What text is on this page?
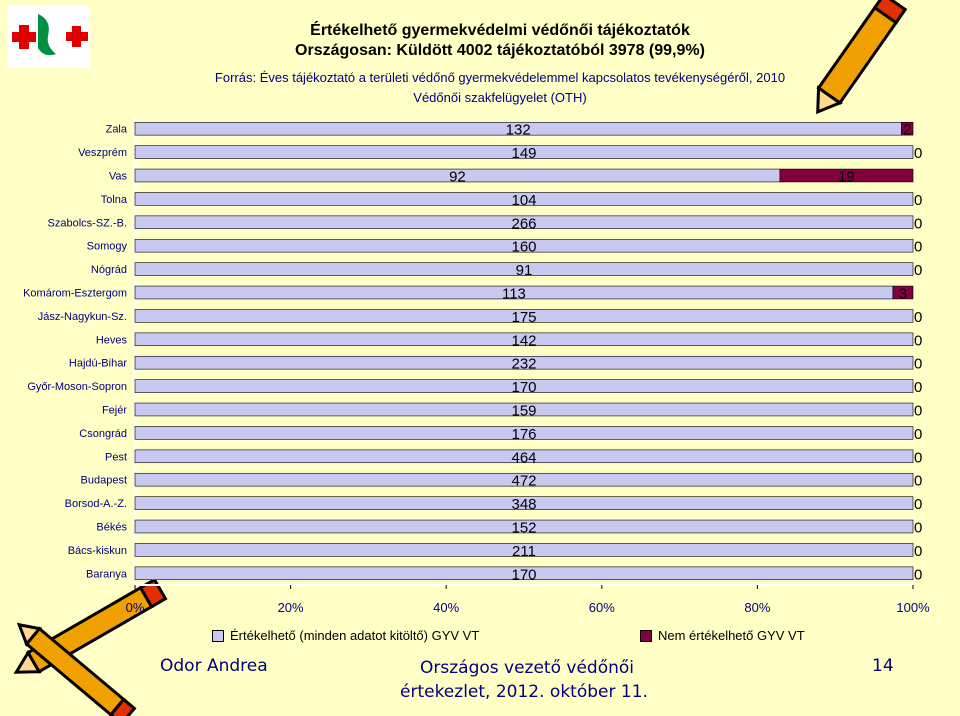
Értékelhető gyermekvédelmi védőnői tájékoztatók
Országosan: Küldött 4002 tájékoztatóból 3978 (99,9%)
Forrás: Éves tájékoztató a területi védőnő gyermekvédelemmel kapcsolatos tevékenységéről, 2010
Védőnői szakfelügyelet (OTH)
Zala	132	2
Veszprém	149	0
Vas	92	19
Tolna	104	0
Szabolcs-SZ.-B.	266	0
Somogy	160	0
Nógrád	91	0
Komárom-Esztergom	113	3
Jász-Nagykun-Sz.	175	0
Heves	142	0
Hajdú-Bihar	232	0
Győr-Moson-Sopron	170	0
Fejér	159	0
Csongrád	176	0
Pest	464	0
Budapest	472	0
Borsod-A.-Z.	348	0
Békés	152	0
Bács-kiskun	211	0
Baranya	170	0
0%	20%	40%	60%	80%	100%
Értékelhető (minden adatot kitöltő) GYV VT	Nem értékelhető GYV VT
Odor Andrea	Országos vezető védőnői
értekezlet, 2012. október 11.
14
